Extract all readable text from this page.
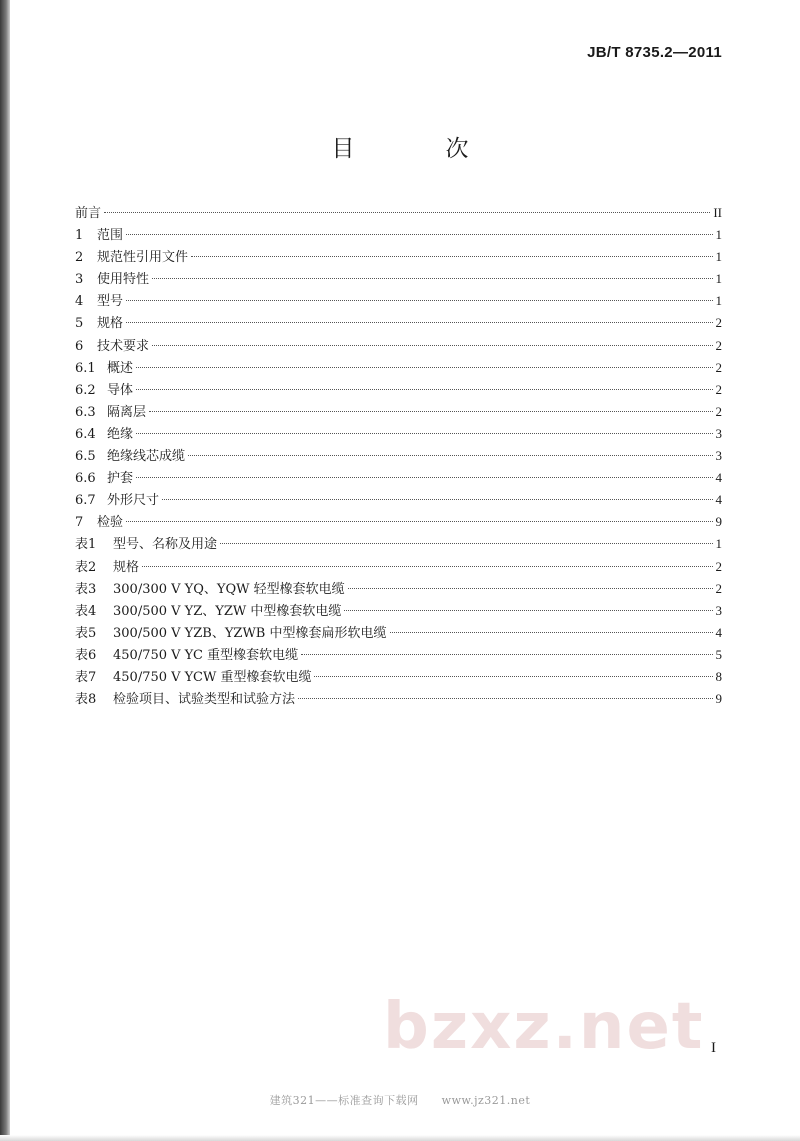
JB/T 8735.2—2011
目　次
前言	II
1	范围	1
2	规范性引用文件	1
3	使用特性	1
4	型号	1
5	规格	2
6	技术要求	2
6.1 概述	2
6.2 导体	2
6.3 隔离层	2
6.4 绝缘	3
6.5 绝缘线芯成缆	3
6.6 护套	4
6.7 外形尺寸	4
7	检验	9
表1	型号、名称及用途	1
表2	规格	2
表3	300/300 V YQ、YQW 轻型橡套软电缆	2
表4	300/500 V YZ、YZW 中型橡套软电缆	3
表5	300/500 V YZB、YZWB 中型橡套扁形软电缆	4
表6	450/750 V YC 重型橡套软电缆	5
表7	450/750 V YCW 重型橡套软电缆	8
表8	检验项目、试验类型和试验方法	9
bzxz.net I
建筑321——标准查询下载网　　www.jz321.net
